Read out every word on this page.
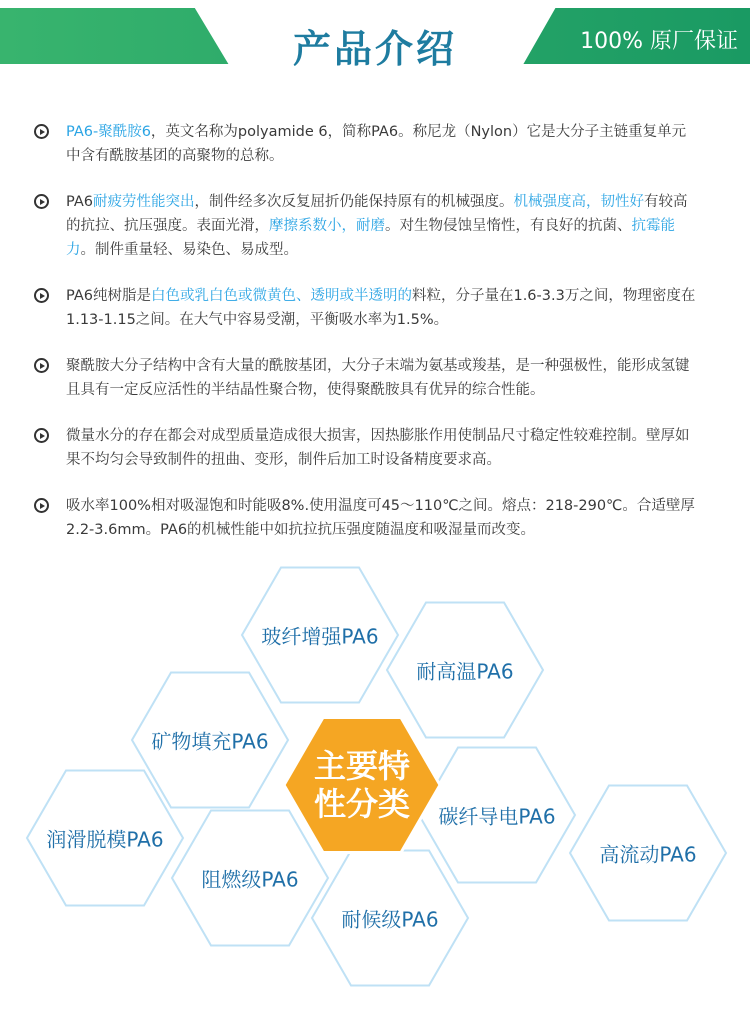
产品介绍	100% 原厂保证
PA6-聚酰胺6，英文名称为polyamide 6，简称PA6。称尼龙（Nylon）它是大分子主链重复单元中含有酰胺基团的高聚物的总称。
PA6耐疲劳性能突出，制件经多次反复屈折仍能保持原有的机械强度。机械强度高，韧性好有较高的抗拉、抗压强度。表面光滑，摩擦系数小，耐磨。对生物侵蚀呈惰性，有良好的抗菌、抗霉能力。制件重量轻、易染色、易成型。
PA6纯树脂是白色或乳白色或微黄色、透明或半透明的料粒，分子量在1.6-3.3万之间，物理密度在1.13-1.15之间。在大气中容易受潮，平衡吸水率为1.5%。
聚酰胺大分子结构中含有大量的酰胺基团，大分子末端为氨基或羧基，是一种强极性，能形成氢键且具有一定反应活性的半结晶性聚合物，使得聚酰胺具有优异的综合性能。
微量水分的存在都会对成型质量造成很大损害，因热膨胀作用使制品尺寸稳定性较难控制。壁厚如果不均匀会导致制件的扭曲、变形，制件后加工时设备精度要求高。
吸水率100%相对吸湿饱和时能吸8%.使用温度可45～110℃之间。熔点：218-290℃。合适壁厚2.2-3.6mm。PA6的机械性能中如抗拉抗压强度随温度和吸湿量而改变。
主要特
性分类
玻纤增强PA6
耐高温PA6
矿物填充PA6
碳纤导电PA6
润滑脱模PA6
阻燃级PA6
高流动PA6
耐候级PA6
